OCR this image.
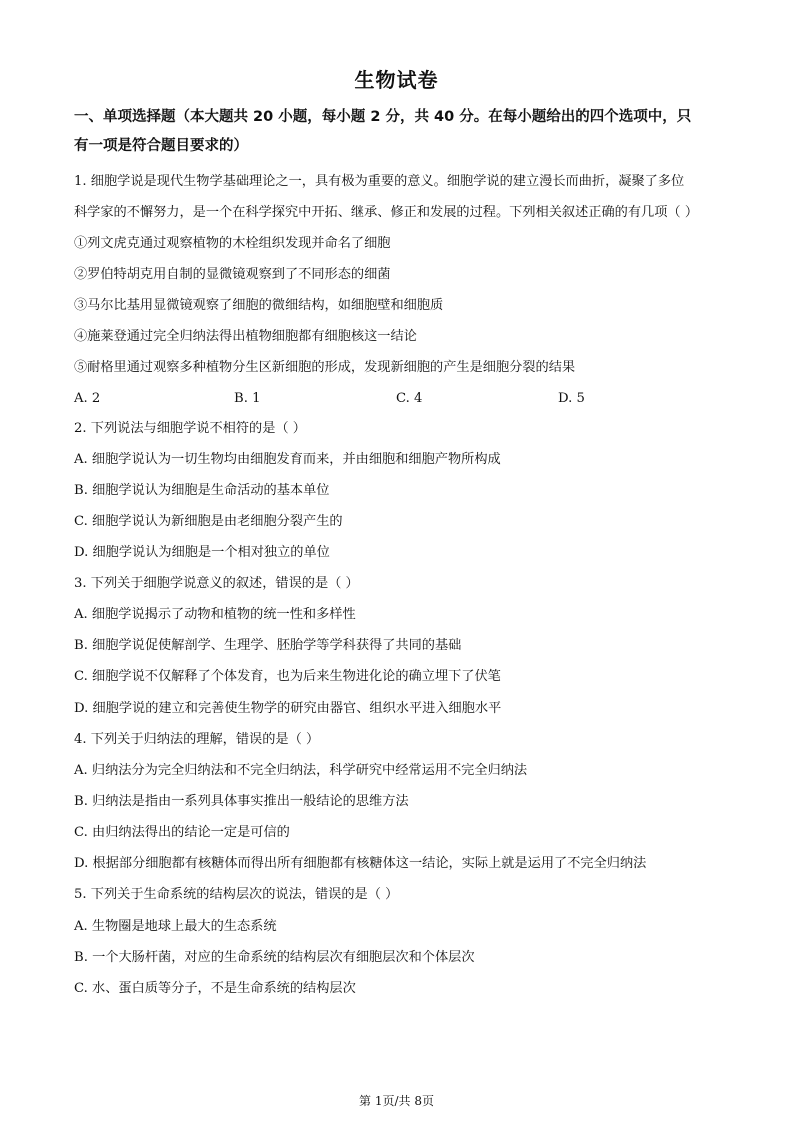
生物试卷
一、单项选择题（本大题共 20 小题，每小题 2 分，共 40 分。在每小题给出的四个选项中，只
有一项是符合题目要求的）
1. 细胞学说是现代生物学基础理论之一，具有极为重要的意义。细胞学说的建立漫长而曲折，凝聚了多位
科学家的不懈努力，是一个在科学探究中开拓、继承、修正和发展的过程。下列相关叙述正确的有几项（ ）
①列文虎克通过观察植物的木栓组织发现并命名了细胞
②罗伯特胡克用自制的显微镜观察到了不同形态的细菌
③马尔比基用显微镜观察了细胞的微细结构，如细胞壁和细胞质
④施莱登通过完全归纳法得出植物细胞都有细胞核这一结论
⑤耐格里通过观察多种植物分生区新细胞的形成，发现新细胞的产生是细胞分裂的结果
A. 2	B. 1	C. 4	D. 5
2. 下列说法与细胞学说不相符的是（ ）
A. 细胞学说认为一切生物均由细胞发育而来，并由细胞和细胞产物所构成
B. 细胞学说认为细胞是生命活动的基本单位
C. 细胞学说认为新细胞是由老细胞分裂产生的
D. 细胞学说认为细胞是一个相对独立的单位
3. 下列关于细胞学说意义的叙述，错误的是（ ）
A. 细胞学说揭示了动物和植物的统一性和多样性
B. 细胞学说促使解剖学、生理学、胚胎学等学科获得了共同的基础
C. 细胞学说不仅解释了个体发育，也为后来生物进化论的确立埋下了伏笔
D. 细胞学说的建立和完善使生物学的研究由器官、组织水平进入细胞水平
4. 下列关于归纳法的理解，错误的是（ ）
A. 归纳法分为完全归纳法和不完全归纳法，科学研究中经常运用不完全归纳法
B. 归纳法是指由一系列具体事实推出一般结论的思维方法
C. 由归纳法得出的结论一定是可信的
D. 根据部分细胞都有核糖体而得出所有细胞都有核糖体这一结论，实际上就是运用了不完全归纳法
5. 下列关于生命系统的结构层次的说法，错误的是（ ）
A. 生物圈是地球上最大的生态系统
B. 一个大肠杆菌，对应的生命系统的结构层次有细胞层次和个体层次
C. 水、蛋白质等分子，不是生命系统的结构层次
第 1页/共 8页
